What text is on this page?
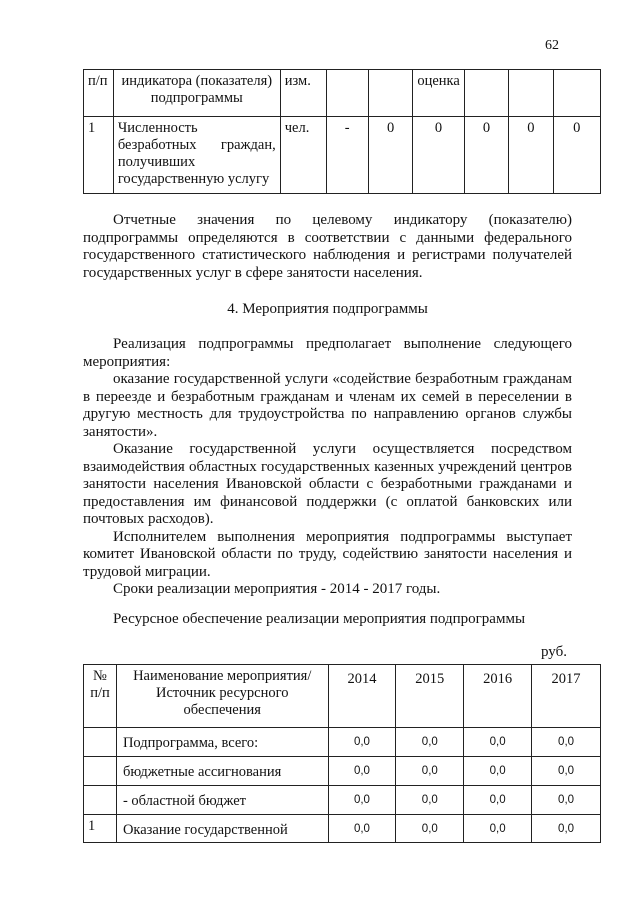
62
п/п	индикатора (показателя) подпрограммы	изм.			оценка			
1	Численность безработных граждан, получивших государственную услугу	чел.	-	0	0	0	0	0

Отчетные значения по целевому индикатору (показателю) подпрограммы определяются в соответствии с данными федерального государственного статистического наблюдения и регистрами получателей государственных услуг в сфере занятости населения.

4. Мероприятия подпрограммы

Реализация подпрограммы предполагает выполнение следующего мероприятия:

оказание государственной услуги «содействие безработным гражданам в переезде и безработным гражданам и членам их семей в переселении в другую местность для трудоустройства по направлению органов службы занятости».

Оказание государственной услуги осуществляется посредством взаимодействия областных государственных казенных учреждений центров занятости населения Ивановской области с безработными гражданами и предоставления им финансовой поддержки (с оплатой банковских или почтовых расходов).

Исполнителем выполнения мероприятия подпрограммы выступает комитет Ивановской области по труду, содействию занятости населения и трудовой миграции.

Сроки реализации мероприятия - 2014 - 2017 годы.

Ресурсное обеспечение реализации мероприятия подпрограммы
руб.
№ п/п	Наименование мероприятия/Источник ресурсного обеспечения	2014	2015	2016	2017
	Подпрограмма, всего:	0,0	0,0	0,0	0,0
	бюджетные ассигнования	0,0	0,0	0,0	0,0
	- областной бюджет	0,0	0,0	0,0	0,0
1	Оказание государственной	0,0	0,0	0,0	0,0
